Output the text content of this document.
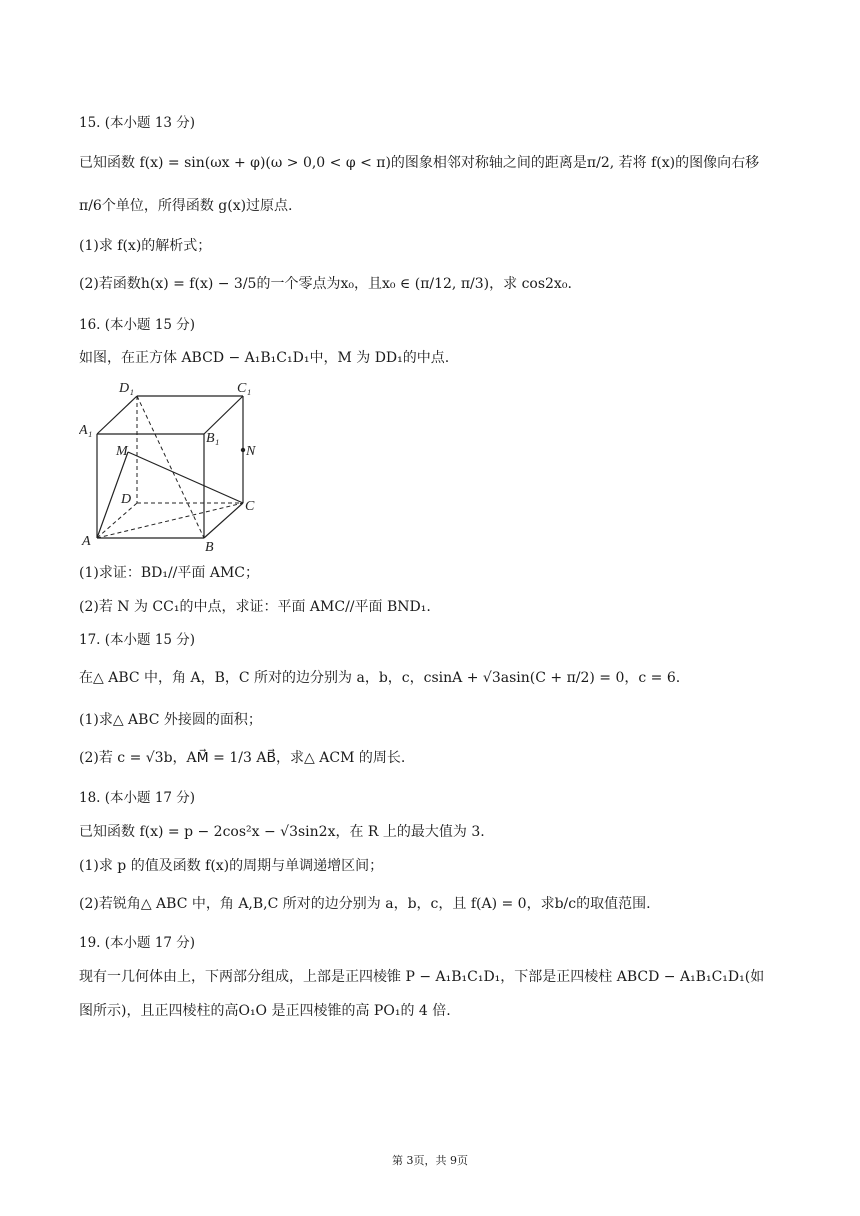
15. (本小题 13 分)
已知函数 f(x) = sin(ωx + φ)(ω > 0,0 < φ < π)的图象相邻对称轴之间的距离是π/2, 若将 f(x)的图像向右移
π/6个单位，所得函数 g(x)过原点.
(1)求 f(x)的解析式；
(2)若函数h(x) = f(x) − 3/5的一个零点为x₀，且x₀ ∈ (π/12, π/3)，求 cos2x₀.
16. (本小题 15 分)
如图，在正方体 ABCD − A₁B₁C₁D₁中，M 为 DD₁的中点.
D₁	C₁
A₁
B₁
M	N
D	C
A	B
(1)求证：BD₁//平面 AMC；
(2)若 N 为 CC₁的中点，求证：平面 AMC//平面 BND₁.
17. (本小题 15 分)
在△ ABC 中，角 A，B，C 所对的边分别为 a，b，c，csinA + √3asin(C + π/2) = 0，c = 6.
(1)求△ ABC 外接圆的面积；
(2)若 c = √3b，AM⃗ = 1/3 AB⃗，求△ ACM 的周长.
18. (本小题 17 分)
已知函数 f(x) = p − 2cos²x − √3sin2x，在 R 上的最大值为 3.
(1)求 p 的值及函数 f(x)的周期与单调递增区间；
(2)若锐角△ ABC 中，角 A,B,C 所对的边分别为 a，b，c，且 f(A) = 0，求b/c的取值范围.
19. (本小题 17 分)
现有一几何体由上，下两部分组成，上部是正四棱锥 P − A₁B₁C₁D₁，下部是正四棱柱 ABCD − A₁B₁C₁D₁(如
图所示)，且正四棱柱的高O₁O 是正四棱锥的高 PO₁的 4 倍.
第 3页，共 9页
